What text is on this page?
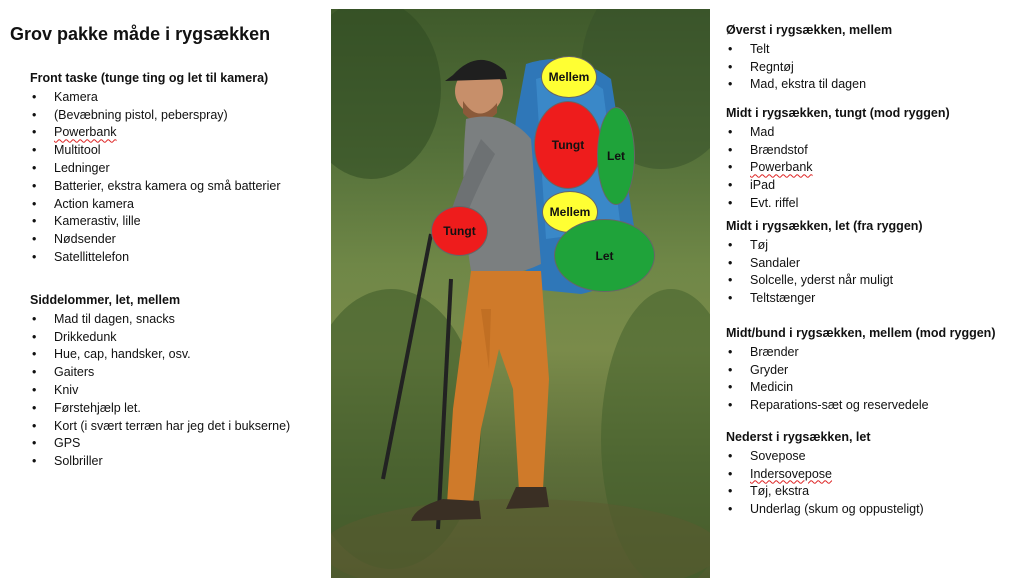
Grov pakke måde i rygsækken
Front taske (tunge ting og let til kamera)
• Kamera
• (Bevæbning pistol, peberspray)
• Powerbank
• Multitool
• Ledninger
• Batterier, ekstra kamera og små batterier
• Action kamera
• Kamerastiv, lille
• Nødsender
• Satellittelefon
Siddelommer, let, mellem
• Mad til dagen, snacks
• Drikkedunk
• Hue, cap, handsker, osv.
• Gaiters
• Kniv
• Førstehjælp let.
• Kort (i svært terræn har jeg det i bukserne)
• GPS
• Solbriller
Mellem
Tungt
Let
Mellem
Let
Tungt
Øverst i rygsækken, mellem
• Telt
• Regntøj
• Mad, ekstra til dagen
Midt i rygsækken, tungt (mod ryggen)
• Mad
• Brændstof
• Powerbank
• iPad
• Evt. riffel
Midt i rygsækken, let (fra ryggen)
• Tøj
• Sandaler
• Solcelle, yderst når muligt
• Teltstænger
Midt/bund i rygsækken, mellem (mod ryggen)
• Brænder
• Gryder
• Medicin
• Reparations-sæt og reservedele
Nederst i rygsækken, let
• Sovepose
• Indersovepose
• Tøj, ekstra
• Underlag (skum og oppusteligt)
